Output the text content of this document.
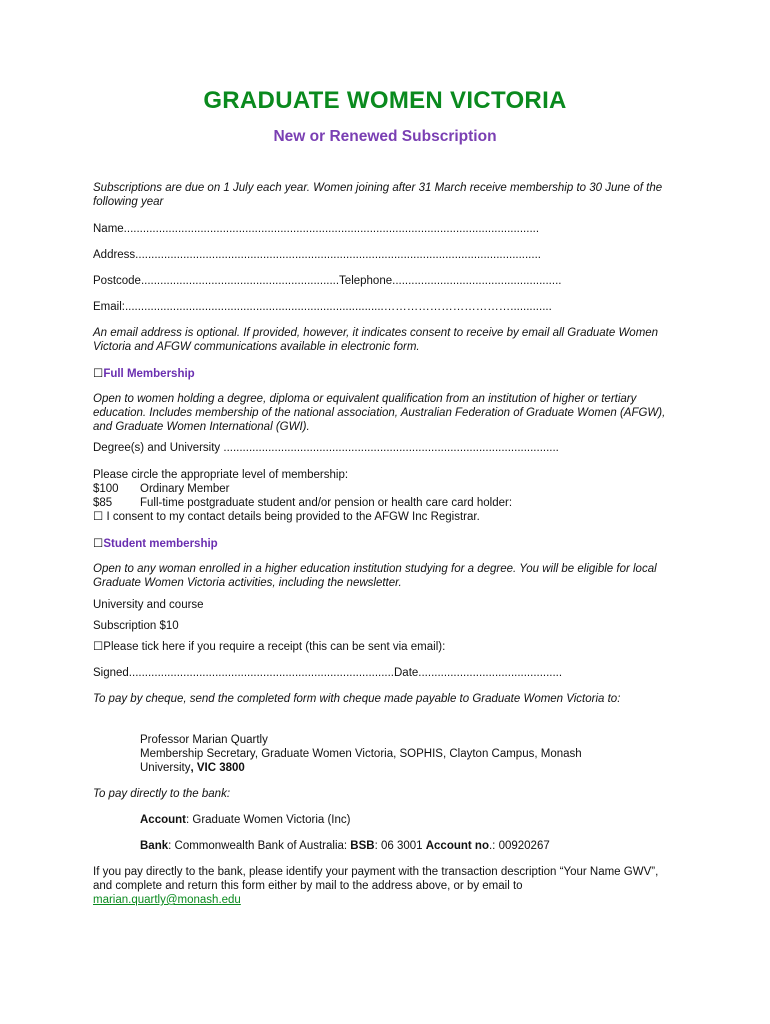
GRADUATE WOMEN VICTORIA
New or Renewed Subscription

Subscriptions are due on 1 July each year. Women joining after 31 March receive membership to 30 June of the following year

Name..................................................................................................................................

Address...............................................................................................................................

Postcode..............................................................Telephone.....................................................

Email:.................................................................................…………………………….............

An email address is optional. If provided, however, it indicates consent to receive by email all Graduate Women Victoria and AFGW communications available in electronic form.

☐Full Membership

Open to women holding a degree, diploma or equivalent qualification from an institution of higher or tertiary education. Includes membership of the national association, Australian Federation of Graduate Women (AFGW), and Graduate Women International (GWI).

Degree(s) and University .........................................................................................................

Please circle the appropriate level of membership:
$100 Ordinary Member
$85 Full-time postgraduate student and/or pension or health care card holder:
☐ I consent to my contact details being provided to the AFGW Inc Registrar.

☐Student membership

Open to any woman enrolled in a higher education institution studying for a degree. You will be eligible for local Graduate Women Victoria activities, including the newsletter.

University and course

Subscription $10

☐Please tick here if you require a receipt (this can be sent via email):

Signed...................................................................................Date.............................................

To pay by cheque, send the completed form with cheque made payable to Graduate Women Victoria to:

Professor Marian Quartly
Membership Secretary, Graduate Women Victoria, SOPHIS, Clayton Campus, Monash
University, VIC 3800

To pay directly to the bank:

Account: Graduate Women Victoria (Inc)

Bank: Commonwealth Bank of Australia: BSB: 06 3001 Account no.: 00920267

If you pay directly to the bank, please identify your payment with the transaction description “Your Name GWV”, and complete and return this form either by mail to the address above, or by email to
marian.quartly@monash.edu
